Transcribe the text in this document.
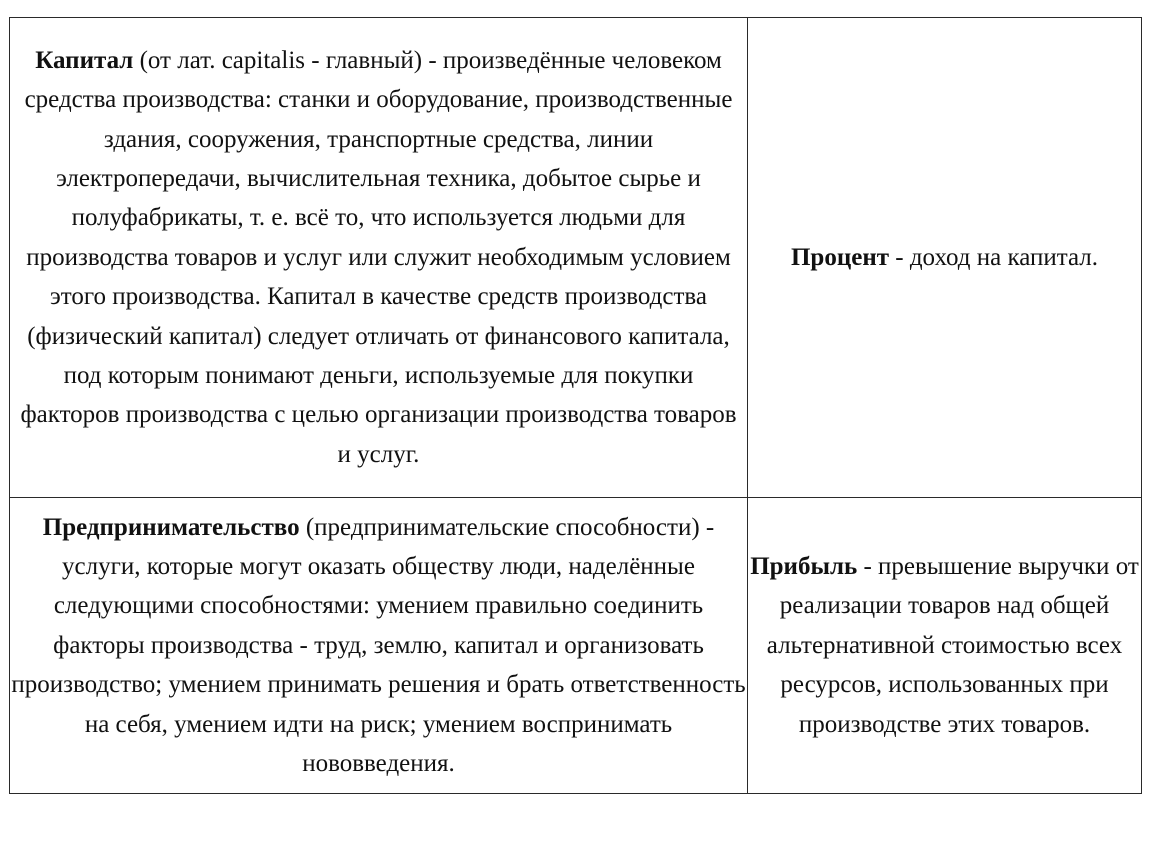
Капитал (от лат. capitalis - главный) - произведённые человеком средства производства: станки и оборудование, производственные здания, сооружения, транспортные средства, линии электропередачи, вычислительная техника, добытое сырье и полуфабрикаты, т. е. всё то, что используется людьми для производства товаров и услуг или служит необходимым условием этого производства. Капитал в качестве средств производства (физический капитал) следует отличать от финансового капитала, под которым понимают деньги, используемые для покупки факторов производства с целью организации производства товаров и услуг.	Процент - доход на капитал.

Предпринимательство (предпринимательские способности) - услуги, которые могут оказать обществу люди, наделённые следующими способностями: умением правильно соединить факторы производства - труд, землю, капитал и организовать производство; умением принимать решения и брать ответственность на себя, умением идти на риск; умением воспринимать нововведения.	Прибыль - превышение выручки от реализации товаров над общей альтернативной стоимостью всех ресурсов, использованных при производстве этих товаров.
